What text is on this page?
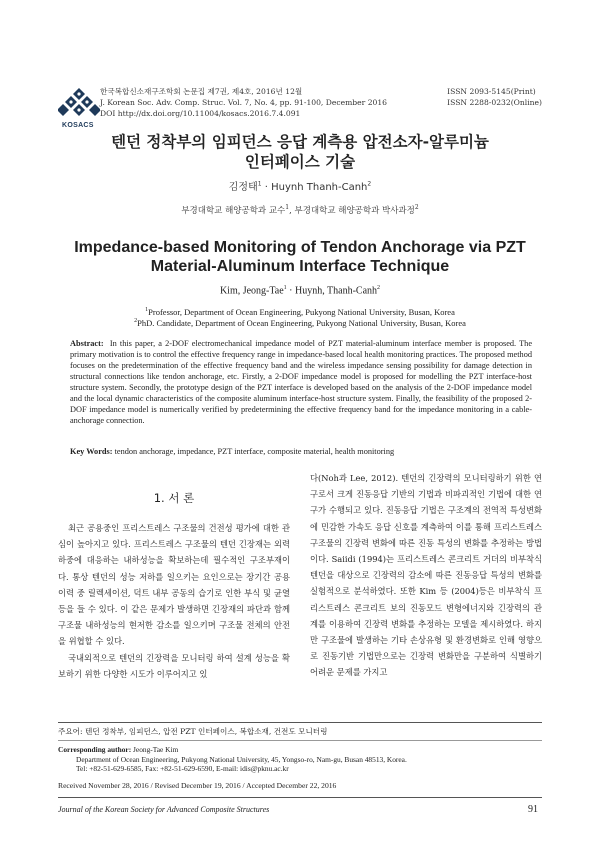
KOSACS
한국복합신소재구조학회 논문집 제7권, 제4호, 2016년 12월
J. Korean Soc. Adv. Comp. Struc. Vol. 7, No. 4, pp. 91-100, December 2016
DOI http://dx.doi.org/10.11004/kosacs.2016.7.4.091
ISSN 2093-5145(Print)
ISSN 2288-0232(Online)
텐던 정착부의 임피던스 응답 계측용 압전소자-알루미늄
인터페이스 기술
김정태$^1$ · Huynh Thanh-Canh$^2$
부경대학교 해양공학과 교수$^1$, 부경대학교 해양공학과 박사과정$^2$
Impedance-based Monitoring of Tendon Anchorage via PZT
Material-Aluminum Interface Technique
Kim, Jeong-Tae$^1$ · Huynh, Thanh-Canh$^2$
$^1$Professor, Department of Ocean Engineering, Pukyong National University, Busan, Korea
$^2$PhD. Candidate, Department of Ocean Engineering, Pukyong National University, Busan, Korea
Abstract: In this paper, a 2-DOF electromechanical impedance model of PZT material-aluminum interface member is proposed. The primary motivation is to control the effective frequency range in impedance-based local health monitoring practices. The proposed method focuses on the predetermination of the effective frequency band and the wireless impedance sensing possibility for damage detection in structural connections like tendon anchorage, etc. Firstly, a 2-DOF impedance model is proposed for modelling the PZT interface-host structure system. Secondly, the prototype design of the PZT interface is developed based on the analysis of the 2-DOF impedance model and the local dynamic characteristics of the composite aluminum interface-host structure system. Finally, the feasibility of the proposed 2-DOF impedance model is numerically verified by predetermining the effective frequency band for the impedance monitoring in a cable-anchorage connection.
Key Words: tendon anchorage, impedance, PZT interface, composite material, health monitoring
1. 서 론
최근 공용중인 프리스트레스 구조물의 건전성 평가에 대한 관심이 높아지고 있다. 프리스트레스 구조물의 텐던 긴장재는 외력하중에 대응하는 내하성능을 확보하는데 필수적인 구조부재이다. 통상 텐던의 성능 저하를 일으키는 요인으로는 장기간 공용 이력 중 릴렉세이션, 덕트 내부 공동의 습기로 인한 부식 및 균열 등을 들 수 있다. 이 같은 문제가 발생하면 긴장재의 파단과 함께 구조물 내하성능의 현저한 감소를 일으키며 구조물 전체의 안전을 위협할 수 있다.
국내외적으로 텐던의 긴장력을 모니터링 하여 설계 성능을 확보하기 위한 다양한 시도가 이루어지고 있
다(Noh과 Lee, 2012). 텐던의 긴장력의 모니터링하기 위한 연구로서 크게 진동응답 기반의 기법과 비파괴적인 기법에 대한 연구가 수행되고 있다. 진동응답 기법은 구조계의 전역적 특성변화에 민감한 가속도 응답 신호를 계측하여 이를 통해 프리스트레스 구조물의 긴장력 변화에 따른 진동 특성의 변화를 추정하는 방법이다. Saiidi (1994)는 프리스트레스 콘크리트 거더의 비부착식 텐던을 대상으로 긴장력의 감소에 따른 진동응답 특성의 변화를 실험적으로 분석하였다. 또한 Kim 등 (2004)등은 비부착식 프리스트레스 콘크리트 보의 진동모드 변형에너지와 긴장력의 관계를 이용하여 긴장력 변화를 추정하는 모델을 제시하였다. 하지만 구조물에 발생하는 기타 손상유형 및 환경변화로 인해 영향으로 진동기반 기법만으로는 긴장력 변화만을 구분하여 식별하기 어려운 문제를 가지고
주요어: 텐던 정착부, 임피던스, 압전 PZT 인터페이스, 복합소재, 건전도 모니터링
Corresponding author: Jeong-Tae Kim
Department of Ocean Engineering, Pukyong National University, 45, Yongso-ro, Nam-gu, Busan 48513, Korea.
Tel: +82-51-629-6585, Fax: +82-51-629-6590, E-mail: idis@pknu.ac.kr
Received November 28, 2016 / Revised December 19, 2016 / Accepted December 22, 2016
Journal of the Korean Society for Advanced Composite Structures	91
